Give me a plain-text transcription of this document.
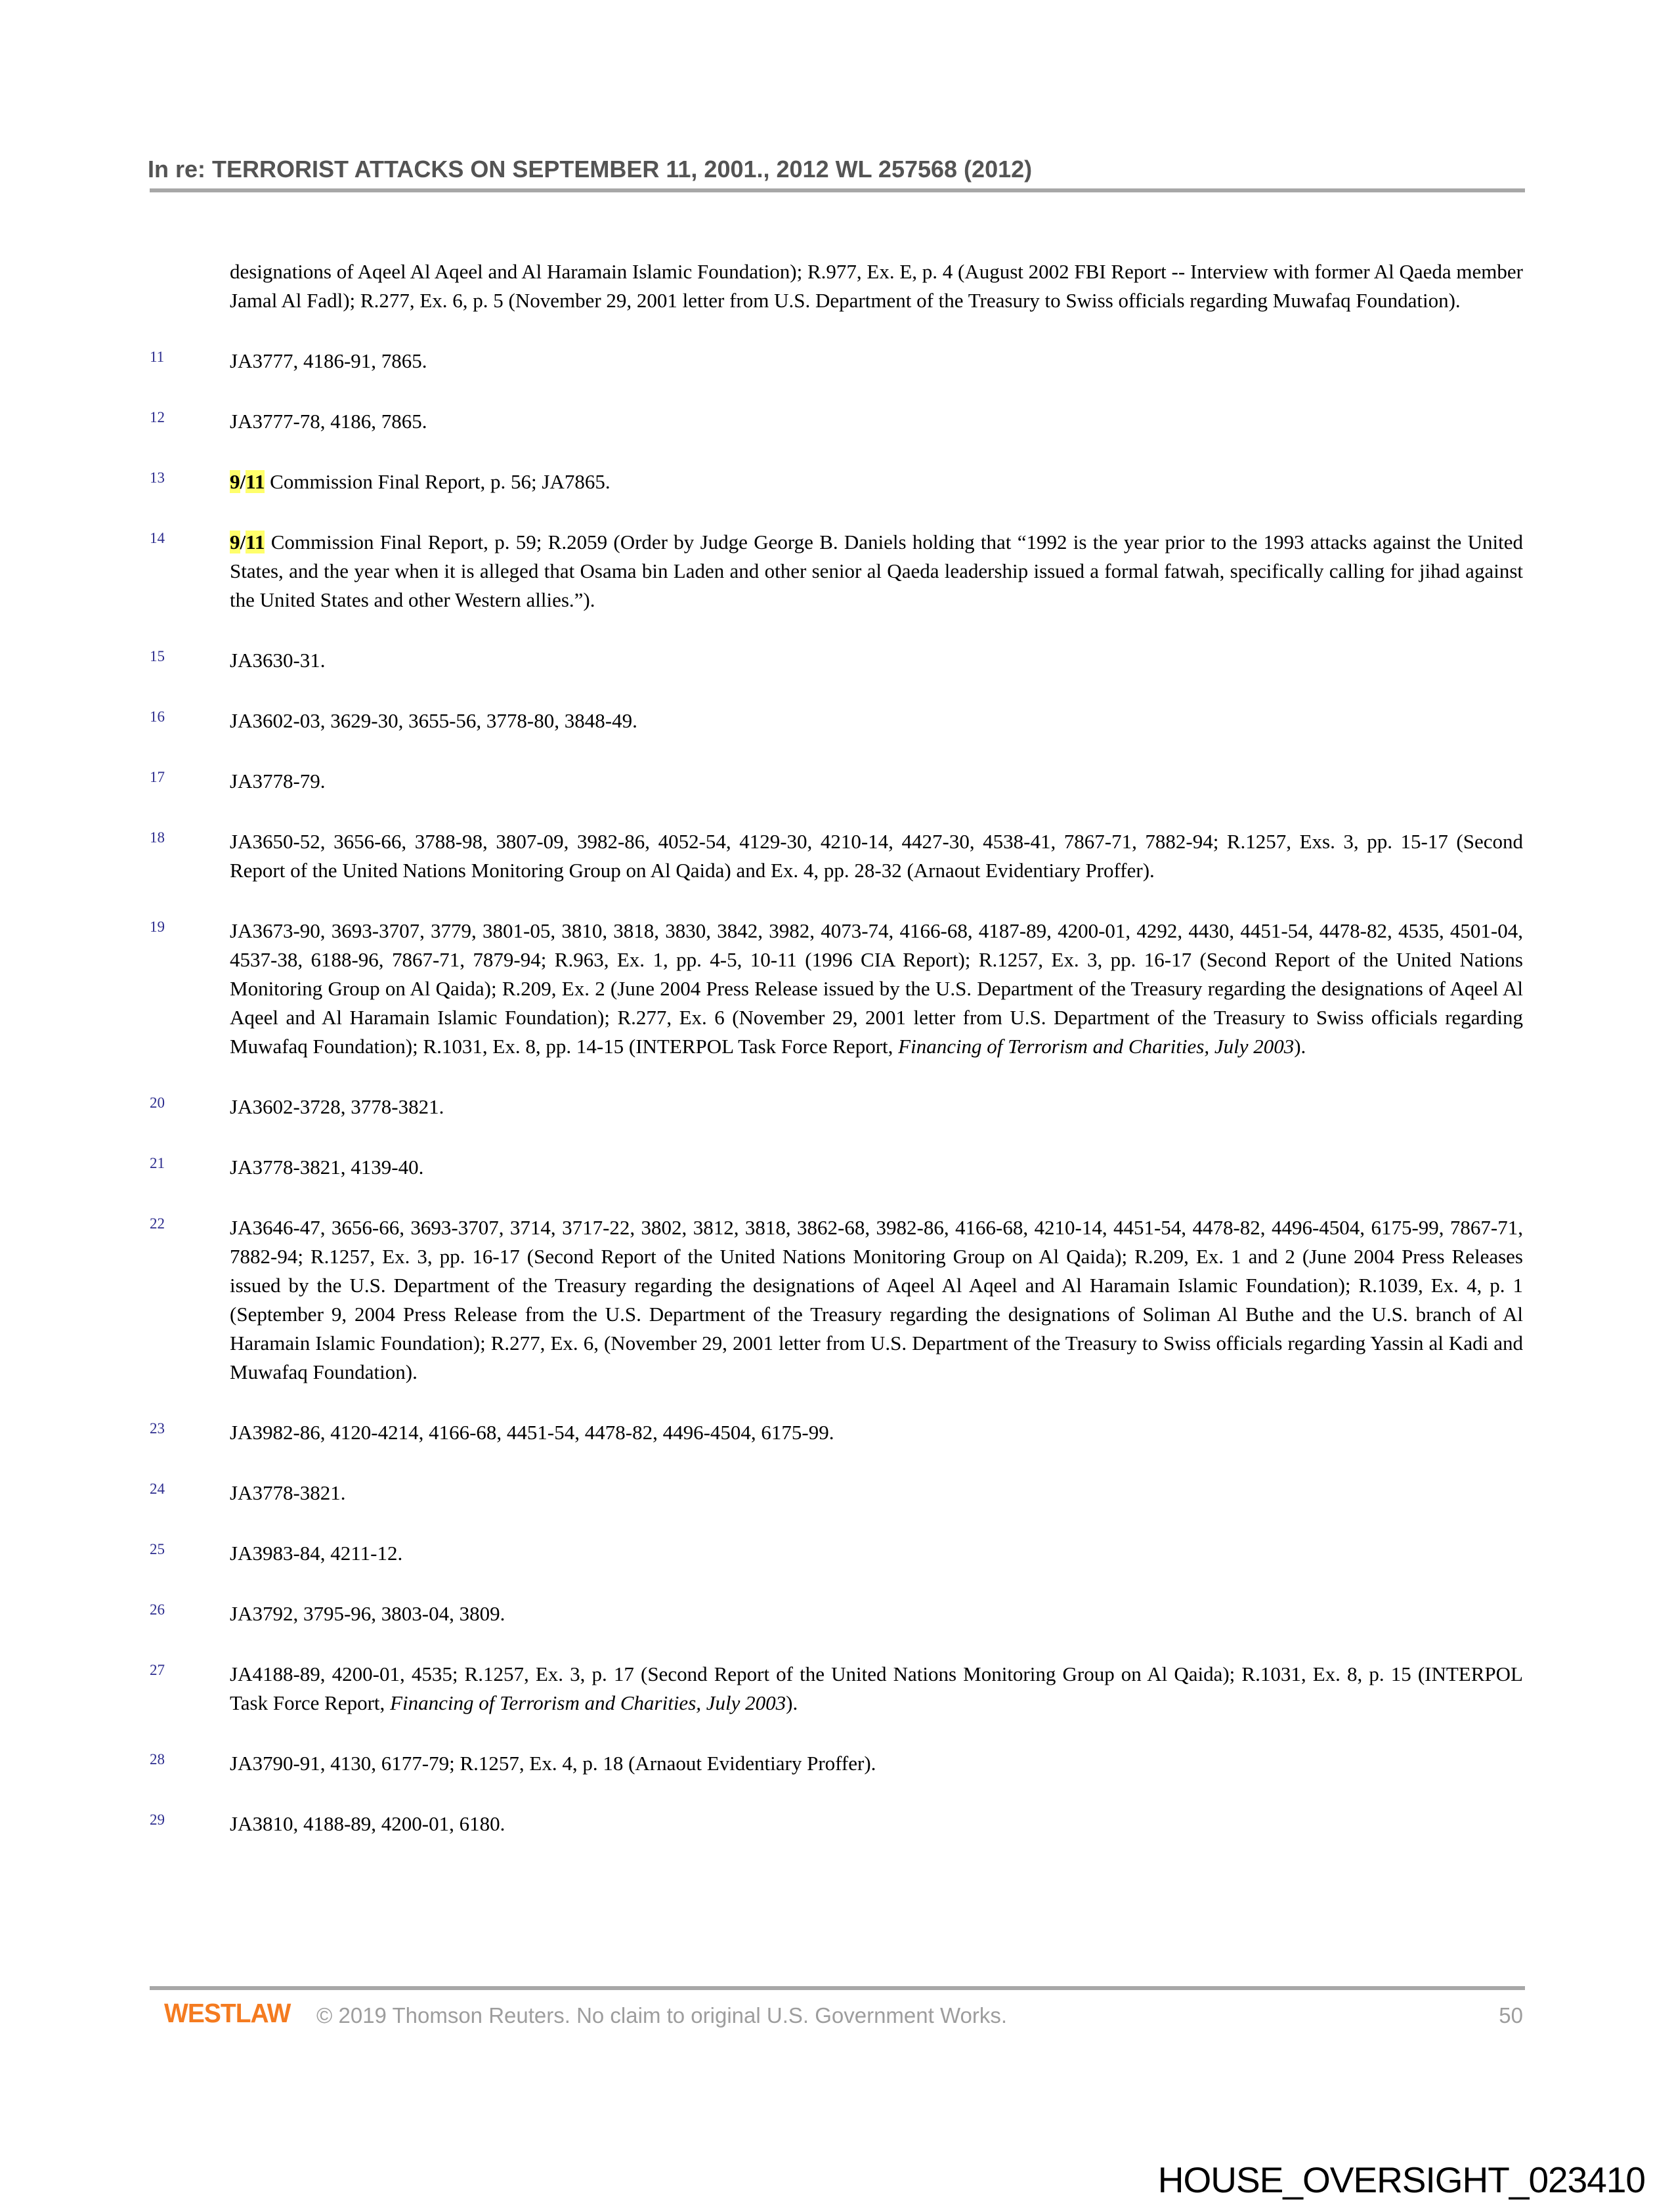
In re: TERRORIST ATTACKS ON SEPTEMBER 11, 2001., 2012 WL 257568 (2012)

designations of Aqeel Al Aqeel and Al Haramain Islamic Foundation); R.977, Ex. E, p. 4 (August 2002 FBI Report -- Interview with former Al Qaeda member Jamal Al Fadl); R.277, Ex. 6, p. 5 (November 29, 2001 letter from U.S. Department of the Treasury to Swiss officials regarding Muwafaq Foundation).

11	JA3777, 4186-91, 7865.
12	JA3777-78, 4186, 7865.
13	9/11 Commission Final Report, p. 56; JA7865.
14	9/11 Commission Final Report, p. 59; R.2059 (Order by Judge George B. Daniels holding that “1992 is the year prior to the 1993 attacks against the United States, and the year when it is alleged that Osama bin Laden and other senior al Qaeda leadership issued a formal fatwah, specifically calling for jihad against the United States and other Western allies.”).
15	JA3630-31.
16	JA3602-03, 3629-30, 3655-56, 3778-80, 3848-49.
17	JA3778-79.
18	JA3650-52, 3656-66, 3788-98, 3807-09, 3982-86, 4052-54, 4129-30, 4210-14, 4427-30, 4538-41, 7867-71, 7882-94; R.1257, Exs. 3, pp. 15-17 (Second Report of the United Nations Monitoring Group on Al Qaida) and Ex. 4, pp. 28-32 (Arnaout Evidentiary Proffer).
19	JA3673-90, 3693-3707, 3779, 3801-05, 3810, 3818, 3830, 3842, 3982, 4073-74, 4166-68, 4187-89, 4200-01, 4292, 4430, 4451-54, 4478-82, 4535, 4501-04, 4537-38, 6188-96, 7867-71, 7879-94; R.963, Ex. 1, pp. 4-5, 10-11 (1996 CIA Report); R.1257, Ex. 3, pp. 16-17 (Second Report of the United Nations Monitoring Group on Al Qaida); R.209, Ex. 2 (June 2004 Press Release issued by the U.S. Department of the Treasury regarding the designations of Aqeel Al Aqeel and Al Haramain Islamic Foundation); R.277, Ex. 6 (November 29, 2001 letter from U.S. Department of the Treasury to Swiss officials regarding Muwafaq Foundation); R.1031, Ex. 8, pp. 14-15 (INTERPOL Task Force Report, Financing of Terrorism and Charities, July 2003).
20	JA3602-3728, 3778-3821.
21	JA3778-3821, 4139-40.
22	JA3646-47, 3656-66, 3693-3707, 3714, 3717-22, 3802, 3812, 3818, 3862-68, 3982-86, 4166-68, 4210-14, 4451-54, 4478-82, 4496-4504, 6175-99, 7867-71, 7882-94; R.1257, Ex. 3, pp. 16-17 (Second Report of the United Nations Monitoring Group on Al Qaida); R.209, Ex. 1 and 2 (June 2004 Press Releases issued by the U.S. Department of the Treasury regarding the designations of Aqeel Al Aqeel and Al Haramain Islamic Foundation); R.1039, Ex. 4, p. 1 (September 9, 2004 Press Release from the U.S. Department of the Treasury regarding the designations of Soliman Al Buthe and the U.S. branch of Al Haramain Islamic Foundation); R.277, Ex. 6, (November 29, 2001 letter from U.S. Department of the Treasury to Swiss officials regarding Yassin al Kadi and Muwafaq Foundation).
23	JA3982-86, 4120-4214, 4166-68, 4451-54, 4478-82, 4496-4504, 6175-99.
24	JA3778-3821.
25	JA3983-84, 4211-12.
26	JA3792, 3795-96, 3803-04, 3809.
27	JA4188-89, 4200-01, 4535; R.1257, Ex. 3, p. 17 (Second Report of the United Nations Monitoring Group on Al Qaida); R.1031, Ex. 8, p. 15 (INTERPOL Task Force Report, Financing of Terrorism and Charities, July 2003).
28	JA3790-91, 4130, 6177-79; R.1257, Ex. 4, p. 18 (Arnaout Evidentiary Proffer).
29	JA3810, 4188-89, 4200-01, 6180.
WESTLAW © 2019 Thomson Reuters. No claim to original U.S. Government Works.	50
HOUSE_OVERSIGHT_023410
